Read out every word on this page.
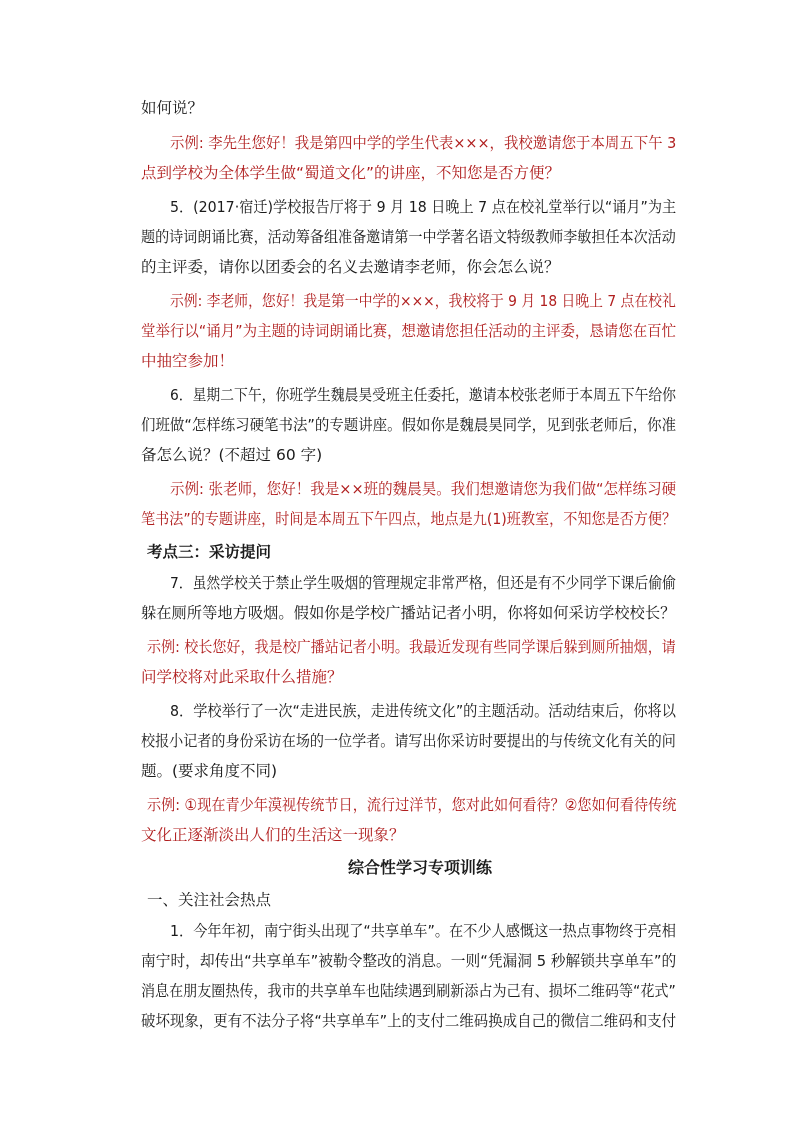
如何说？
示例: 李先生您好！我是第四中学的学生代表×××，我校邀请您于本周五下午 3
点到学校为全体学生做“蜀道文化”的讲座，不知您是否方便？
5．(2017·宿迁)学校报告厅将于 9 月 18 日晚上 7 点在校礼堂举行以“诵月”为主
题的诗词朗诵比赛，活动筹备组准备邀请第一中学著名语文特级教师李敏担任本次活动
的主评委，请你以团委会的名义去邀请李老师，你会怎么说？
示例: 李老师，您好！我是第一中学的×××，我校将于 9 月 18 日晚上 7 点在校礼
堂举行以“诵月”为主题的诗词朗诵比赛，想邀请您担任活动的主评委，恳请您在百忙
中抽空参加！
6．星期二下午，你班学生魏晨昊受班主任委托，邀请本校张老师于本周五下午给你
们班做“怎样练习硬笔书法”的专题讲座。假如你是魏晨昊同学，见到张老师后，你准
备怎么说？(不超过 60 字)
示例: 张老师，您好！我是××班的魏晨昊。我们想邀请您为我们做“怎样练习硬
笔书法”的专题讲座，时间是本周五下午四点，地点是九(1)班教室，不知您是否方便？
考点三：采访提问
7．虽然学校关于禁止学生吸烟的管理规定非常严格，但还是有不少同学下课后偷偷
躲在厕所等地方吸烟。假如你是学校广播站记者小明，你将如何采访学校校长？
示例: 校长您好，我是校广播站记者小明。我最近发现有些同学课后躲到厕所抽烟，请
问学校将对此采取什么措施？
8．学校举行了一次“走进民族，走进传统文化”的主题活动。活动结束后，你将以
校报小记者的身份采访在场的一位学者。请写出你采访时要提出的与传统文化有关的问
题。(要求角度不同)
示例: ①现在青少年漠视传统节日，流行过洋节，您对此如何看待？②您如何看待传统
文化正逐渐淡出人们的生活这一现象？
综合性学习专项训练
一、关注社会热点
1．今年年初，南宁街头出现了“共享单车”。在不少人感慨这一热点事物终于亮相
南宁时，却传出“共享单车”被勒令整改的消息。一则“凭漏洞 5 秒解锁共享单车”的
消息在朋友圈热传，我市的共享单车也陆续遇到刷新添占为己有、损坏二维码等“花式”
破坏现象，更有不法分子将“共享单车”上的支付二维码换成自己的微信二维码和支付
